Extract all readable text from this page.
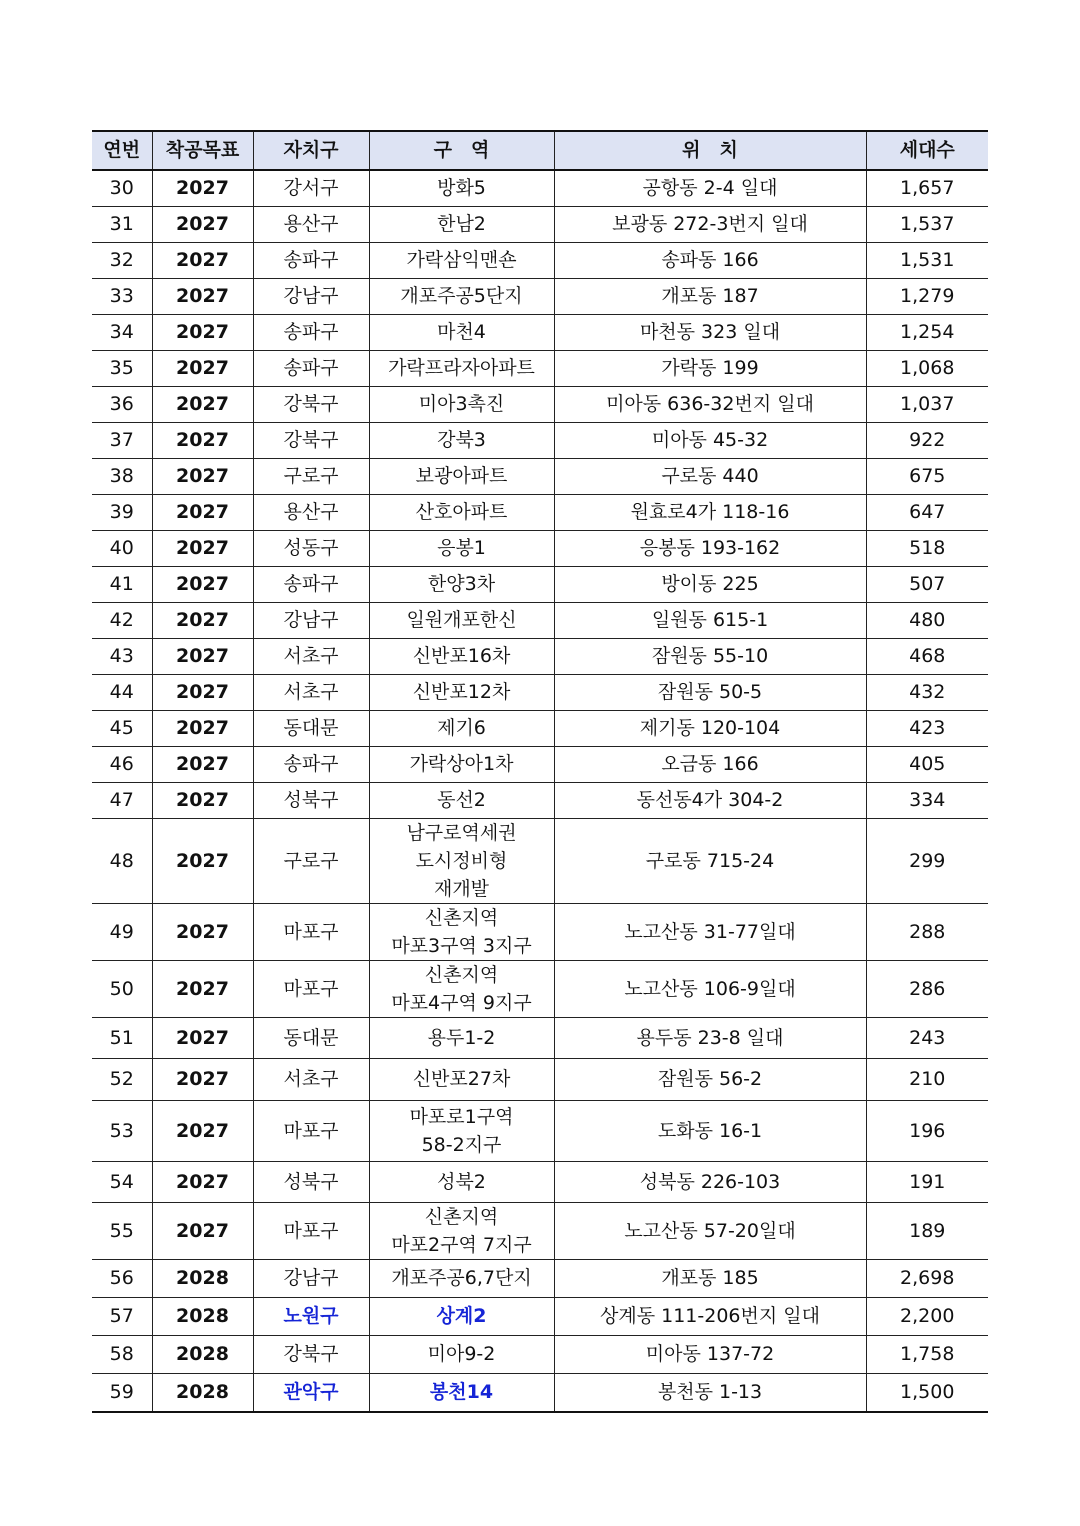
연번	착공목표	자치구	구　역	위　치	세대수
30	2027	강서구	방화5	공항동 2-4 일대	1,657
31	2027	용산구	한남2	보광동 272-3번지 일대	1,537
32	2027	송파구	가락삼익맨숀	송파동 166	1,531
33	2027	강남구	개포주공5단지	개포동 187	1,279
34	2027	송파구	마천4	마천동 323 일대	1,254
35	2027	송파구	가락프라자아파트	가락동 199	1,068
36	2027	강북구	미아3촉진	미아동 636-32번지 일대	1,037
37	2027	강북구	강북3	미아동 45-32	922
38	2027	구로구	보광아파트	구로동 440	675
39	2027	용산구	산호아파트	원효로4가 118-16	647
40	2027	성동구	응봉1	응봉동 193-162	518
41	2027	송파구	한양3차	방이동 225	507
42	2027	강남구	일원개포한신	일원동 615-1	480
43	2027	서초구	신반포16차	잠원동 55-10	468
44	2027	서초구	신반포12차	잠원동 50-5	432
45	2027	동대문	제기6	제기동 120-104	423
46	2027	송파구	가락상아1차	오금동 166	405
47	2027	성북구	동선2	동선동4가 304-2	334
48	2027	구로구	남구로역세권
도시정비형
재개발	구로동 715-24	299
49	2027	마포구	신촌지역
마포3구역 3지구	노고산동 31-77일대	288
50	2027	마포구	신촌지역
마포4구역 9지구	노고산동 106-9일대	286
51	2027	동대문	용두1-2	용두동 23-8 일대	243
52	2027	서초구	신반포27차	잠원동 56-2	210
53	2027	마포구	마포로1구역
58-2지구	도화동 16-1	196
54	2027	성북구	성북2	성북동 226-103	191
55	2027	마포구	신촌지역
마포2구역 7지구	노고산동 57-20일대	189
56	2028	강남구	개포주공6,7단지	개포동 185	2,698
57	2028	노원구	상계2	상계동 111-206번지 일대	2,200
58	2028	강북구	미아9-2	미아동 137-72	1,758
59	2028	관악구	봉천14	봉천동 1-13	1,500
